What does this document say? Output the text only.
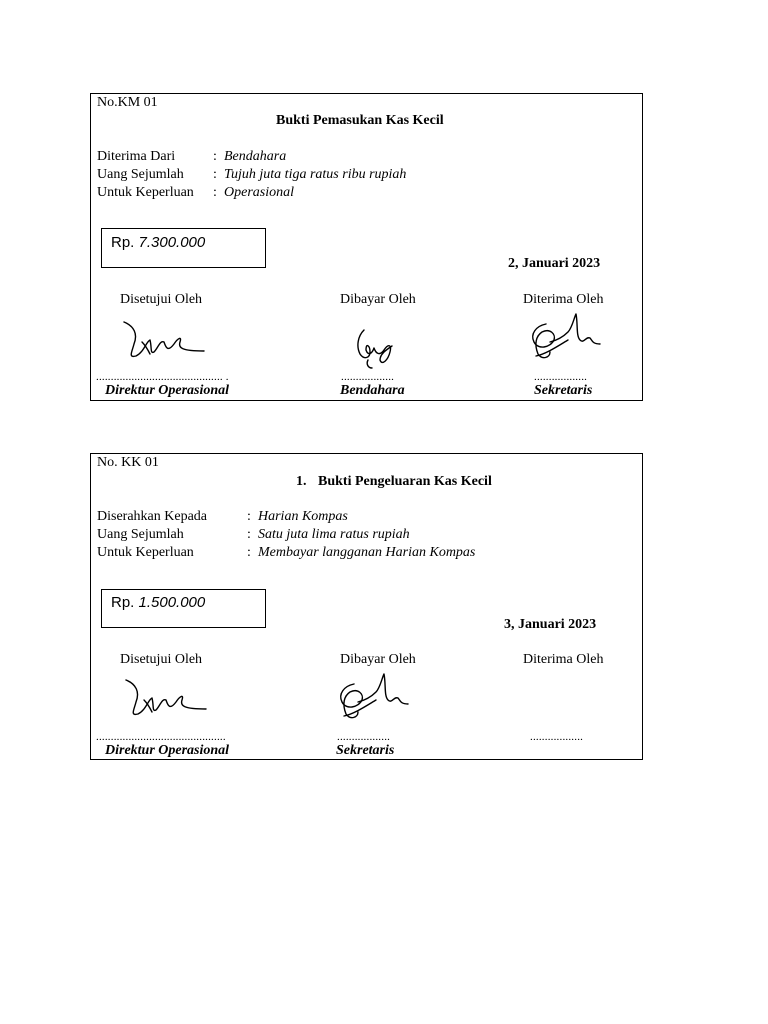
No.KM 01
Bukti Pemasukan Kas Kecil
Diterima Dari	: Bendahara
Uang Sejumlah : Tujuh juta tiga ratus ribu rupiah
Untuk Keperluan : Operasional
Rp. 7.300.000
2, Januari 2023
Disetujui Oleh	Dibayar Oleh	Diterima Oleh
........................................... .	..................	..................
Direktur Operasional	Bendahara	Sekretaris
No. KK 01
1. Bukti Pengeluaran Kas Kecil
Diserahkan Kepada	: Harian Kompas
Uang Sejumlah	: Satu juta lima ratus rupiah
Untuk Keperluan	: Membayar langganan Harian Kompas
Rp. 1.500.000
3, Januari 2023
Disetujui Oleh	Dibayar Oleh	Diterima Oleh
............................................	..................	..................
Direktur Operasional	Sekretaris
